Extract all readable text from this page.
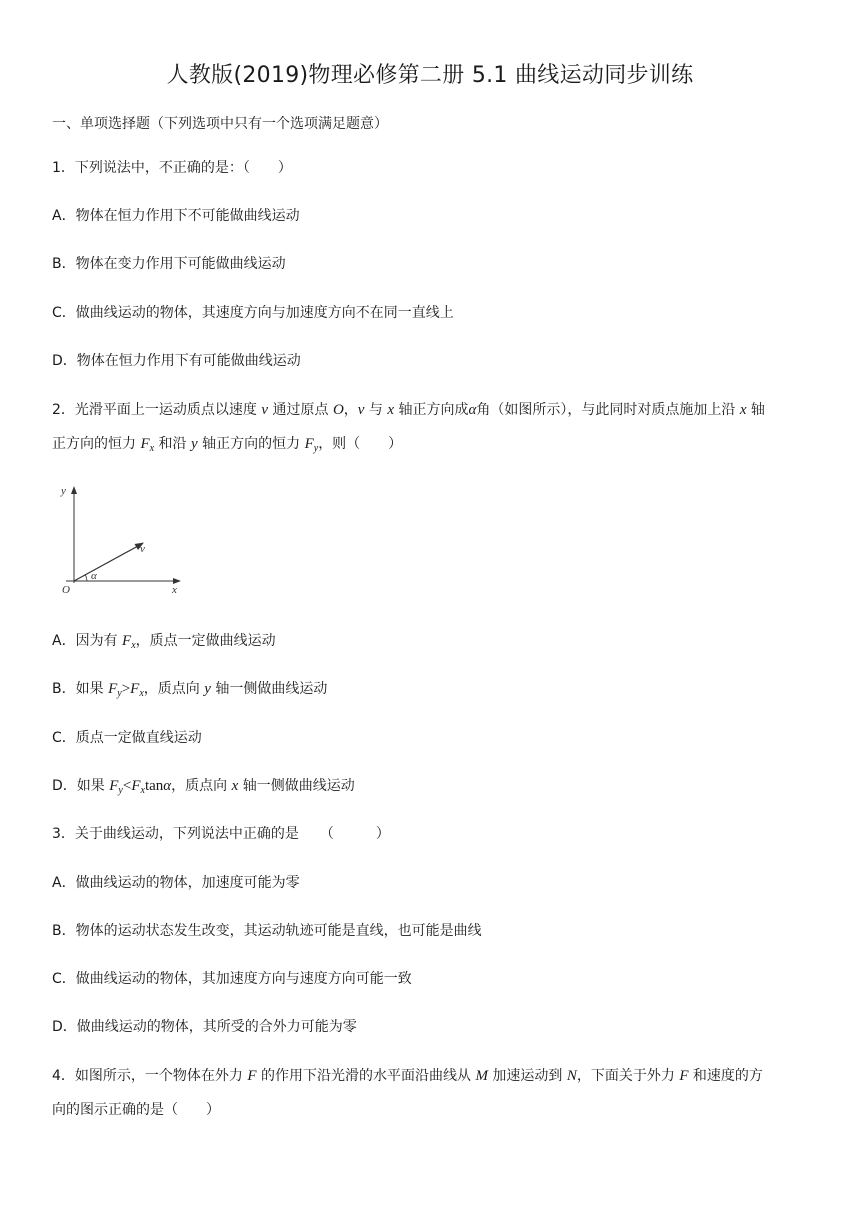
人教版(2019)物理必修第二册 5.1 曲线运动同步训练
一、单项选择题（下列选项中只有一个选项满足题意）
1．下列说法中，不正确的是：（　　）
A．物体在恒力作用下不可能做曲线运动
B．物体在变力作用下可能做曲线运动
C．做曲线运动的物体，其速度方向与加速度方向不在同一直线上
D．物体在恒力作用下有可能做曲线运动
2．光滑平面上一运动质点以速度 v 通过原点 O，v 与 x 轴正方向成α角（如图所示），与此同时对质点施加上沿 x 轴
正方向的恒力 $F_x$ 和沿 y 轴正方向的恒力 $F_y$，则（　　）
y
x
O
v
α
A．因为有 $F_x$，质点一定做曲线运动
B．如果 $F_y>F_x$，质点向 y 轴一侧做曲线运动
C．质点一定做直线运动
D．如果 $F_y<F_x\tan\alpha$，质点向 x 轴一侧做曲线运动
3．关于曲线运动，下列说法中正确的是　　（　　　）
A．做曲线运动的物体，加速度可能为零
B．物体的运动状态发生改变，其运动轨迹可能是直线，也可能是曲线
C．做曲线运动的物体，其加速度方向与速度方向可能一致
D．做曲线运动的物体，其所受的合外力可能为零
4．如图所示，一个物体在外力 F 的作用下沿光滑的水平面沿曲线从 M 加速运动到 N，下面关于外力 F 和速度的方
向的图示正确的是（　　）
